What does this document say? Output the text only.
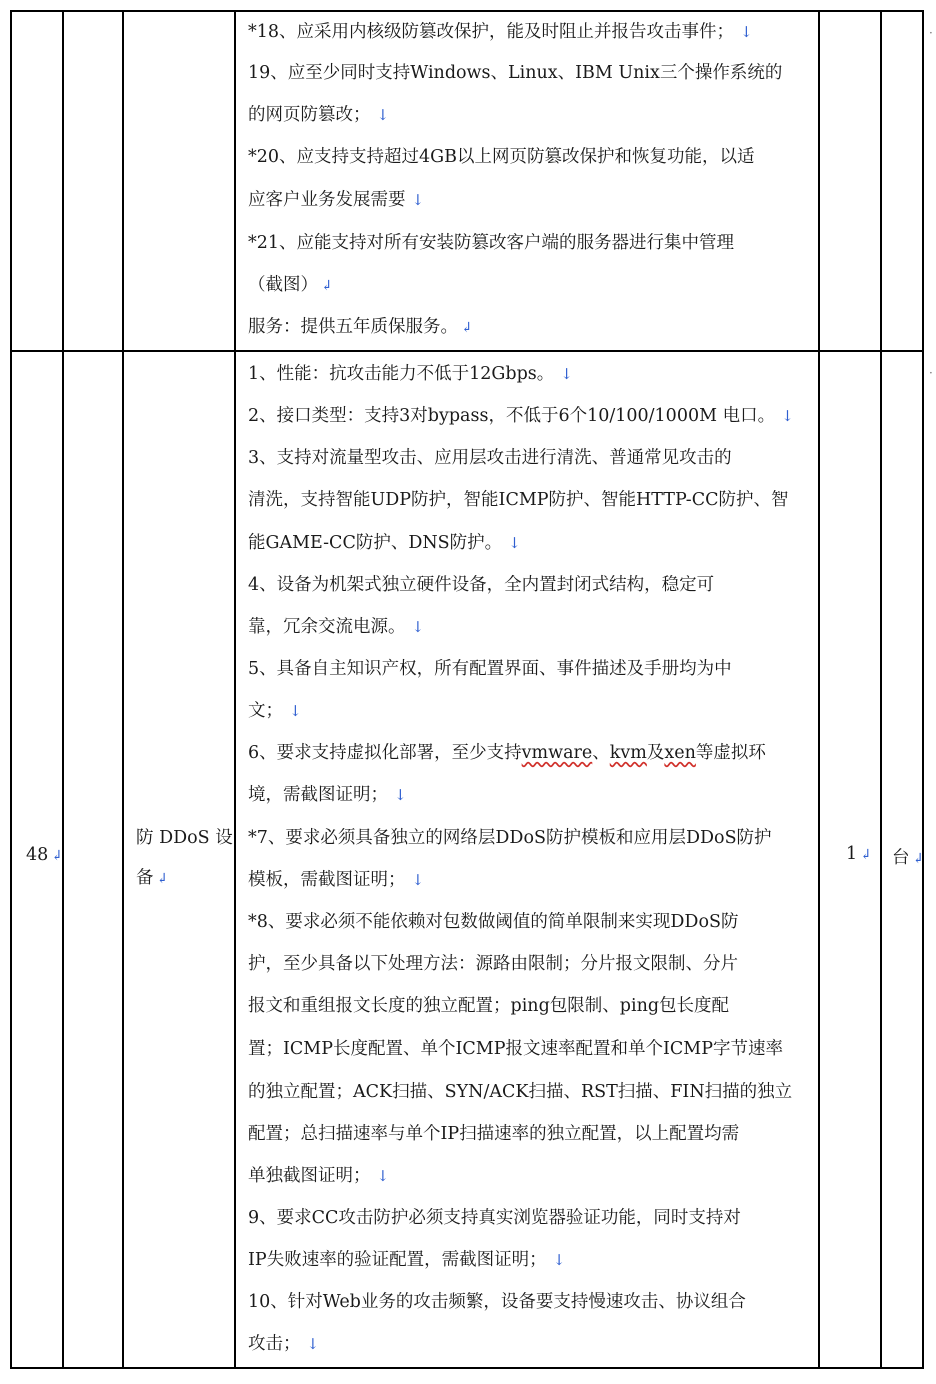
·
·
*18、应采用内核级防篡改保护，能及时阻止并报告攻击事件； ↓
19、应至少同时支持Windows、Linux、IBM Unix三个操作系统的
的网页防篡改； ↓
*20、应支持支持超过4GB以上网页防篡改保护和恢复功能，以适
应客户业务发展需要 ↓
*21、应能支持对所有安装防篡改客户端的服务器进行集中管理
（截图） ↲
服务：提供五年质保服务。 ↲
48 ↲
防 DDoS 设
备 ↲
1 ↲ 台 ↲
1、性能：抗攻击能力不低于12Gbps。 ↓
2、接口类型：支持3对bypass，不低于6个10/100/1000M 电口。 ↓
3、支持对流量型攻击、应用层攻击进行清洗、普通常见攻击的
清洗，支持智能UDP防护，智能ICMP防护、智能HTTP-CC防护、智
能GAME-CC防护、DNS防护。 ↓
4、设备为机架式独立硬件设备，全内置封闭式结构，稳定可
靠，冗余交流电源。 ↓
5、具备自主知识产权，所有配置界面、事件描述及手册均为中
文； ↓
6、要求支持虚拟化部署，至少支持vmware、kvm及xen等虚拟环
境，需截图证明； ↓
*7、要求必须具备独立的网络层DDoS防护模板和应用层DDoS防护
模板，需截图证明； ↓
*8、要求必须不能依赖对包数做阈值的简单限制来实现DDoS防
护，至少具备以下处理方法：源路由限制；分片报文限制、分片
报文和重组报文长度的独立配置；ping包限制、ping包长度配
置；ICMP长度配置、单个ICMP报文速率配置和单个ICMP字节速率
的独立配置；ACK扫描、SYN/ACK扫描、RST扫描、FIN扫描的独立
配置；总扫描速率与单个IP扫描速率的独立配置，以上配置均需
单独截图证明； ↓
9、要求CC攻击防护必须支持真实浏览器验证功能，同时支持对
IP失败速率的验证配置，需截图证明； ↓
10、针对Web业务的攻击频繁，设备要支持慢速攻击、协议组合
攻击； ↓
